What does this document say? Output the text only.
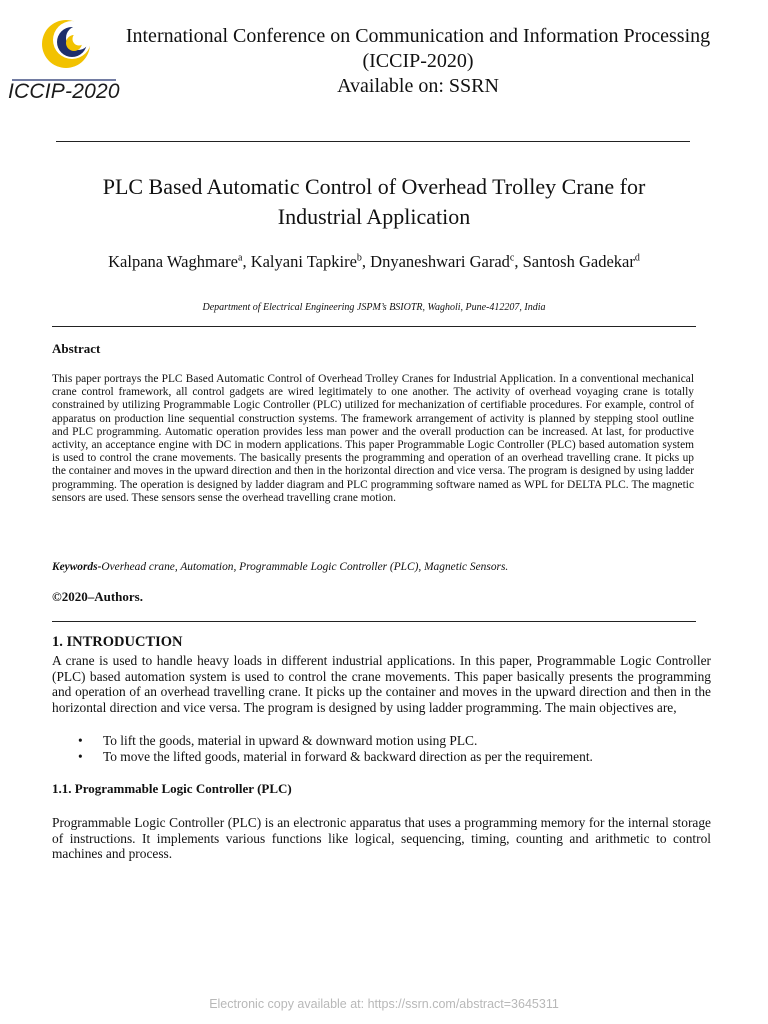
ICCIP-2020
International Conference on Communication and Information Processing
(ICCIP-2020)
Available on: SSRN
PLC Based Automatic Control of Overhead Trolley Crane for
Industrial Application
Kalpana Waghmare$^a$, Kalyani Tapkire$^b$, Dnyaneshwari Garad$^c$, Santosh Gadekar$^d$
Department of Electrical Engineering JSPM’s BSIOTR, Wagholi, Pune-412207, India
Abstract
This paper portrays the PLC Based Automatic Control of Overhead Trolley Cranes for Industrial Application. In a conventional mechanical crane control framework, all control gadgets are wired legitimately to one another. The activity of overhead voyaging crane is totally constrained by utilizing Programmable Logic Controller (PLC) utilized for mechanization of certifiable procedures. For example, control of apparatus on production line sequential construction systems. The framework arrangement of activity is planned by stepping stool outline and PLC programming. Automatic operation provides less man power and the overall production can be increased. At last, for productive activity, an acceptance engine with DC in modern applications. This paper Programmable Logic Controller (PLC) based automation system is used to control the crane movements. The basically presents the programming and operation of an overhead travelling crane. It picks up the container and moves in the upward direction and then in the horizontal direction and vice versa. The program is designed by using ladder programming. The operation is designed by ladder diagram and PLC programming software named as WPL for DELTA PLC. The magnetic sensors are used. These sensors sense the overhead travelling crane motion.
Keywords-Overhead crane, Automation, Programmable Logic Controller (PLC), Magnetic Sensors.
©2020–Authors.
1. INTRODUCTION
A crane is used to handle heavy loads in different industrial applications. In this paper, Programmable Logic Controller (PLC) based automation system is used to control the crane movements. This paper basically presents the programming and operation of an overhead travelling crane. It picks up the container and moves in the upward direction and then in the horizontal direction and vice versa. The program is designed by using ladder programming. The main objectives are,
• To lift the goods, material in upward & downward motion using PLC.
• To move the lifted goods, material in forward & backward direction as per the requirement.
1.1. Programmable Logic Controller (PLC)
Programmable Logic Controller (PLC) is an electronic apparatus that uses a programming memory for the internal storage of instructions. It implements various functions like logical, sequencing, timing, counting and arithmetic to control machines and process.
Electronic copy available at: https://ssrn.com/abstract=3645311
